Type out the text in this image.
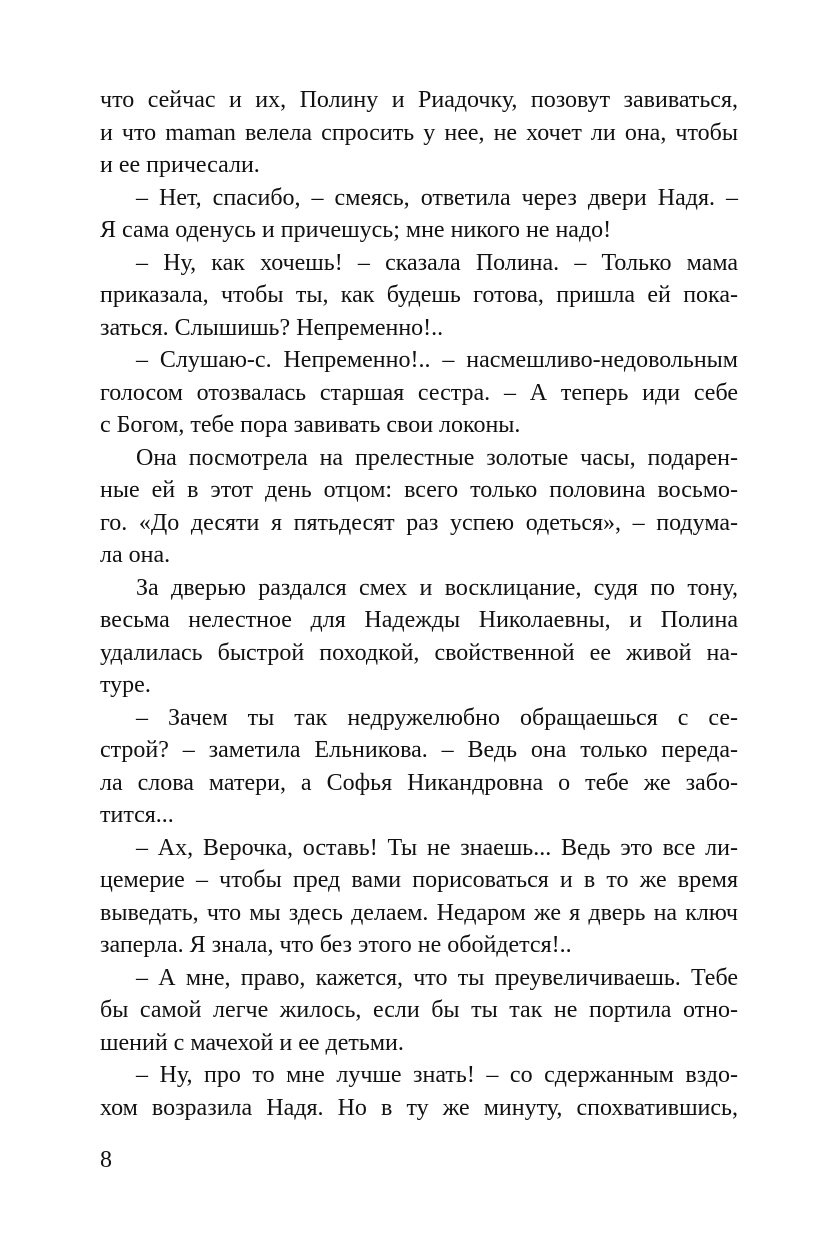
что сейчас и их, Полину и Риадочку, позовут завиваться,
и что maman велела спросить у нее, не хочет ли она, чтобы
и ее причесали.
– Нет, спасибо, – смеясь, ответила через двери Надя. –
Я сама оденусь и причешусь; мне никого не надо!
– Ну, как хочешь! – сказала Полина. – Только мама
приказала, чтобы ты, как будешь готова, пришла ей пока-
заться. Слышишь? Непременно!..
– Слушаю-с. Непременно!.. – насмешливо-недовольным
голосом отозвалась старшая сестра. – А теперь иди себе
с Богом, тебе пора завивать свои локоны.
Она посмотрела на прелестные золотые часы, подарен-
ные ей в этот день отцом: всего только половина восьмо-
го. «До десяти я пятьдесят раз успею одеться», – подума-
ла она.
За дверью раздался смех и восклицание, судя по тону,
весьма нелестное для Надежды Николаевны, и Полина
удалилась быстрой походкой, свойственной ее живой на-
туре.
– Зачем ты так недружелюбно обращаешься с се-
строй? – заметила Ельникова. – Ведь она только переда-
ла слова матери, а Софья Никандровна о тебе же забо-
тится...
– Ах, Верочка, оставь! Ты не знаешь... Ведь это все ли-
цемерие – чтобы пред вами порисоваться и в то же время
выведать, что мы здесь делаем. Недаром же я дверь на ключ
заперла. Я знала, что без этого не обойдется!..
– А мне, право, кажется, что ты преувеличиваешь. Тебе
бы самой легче жилось, если бы ты так не портила отно-
шений с мачехой и ее детьми.
– Ну, про то мне лучше знать! – со сдержанным вздо-
хом возразила Надя. Но в ту же минуту, спохватившись,
8
